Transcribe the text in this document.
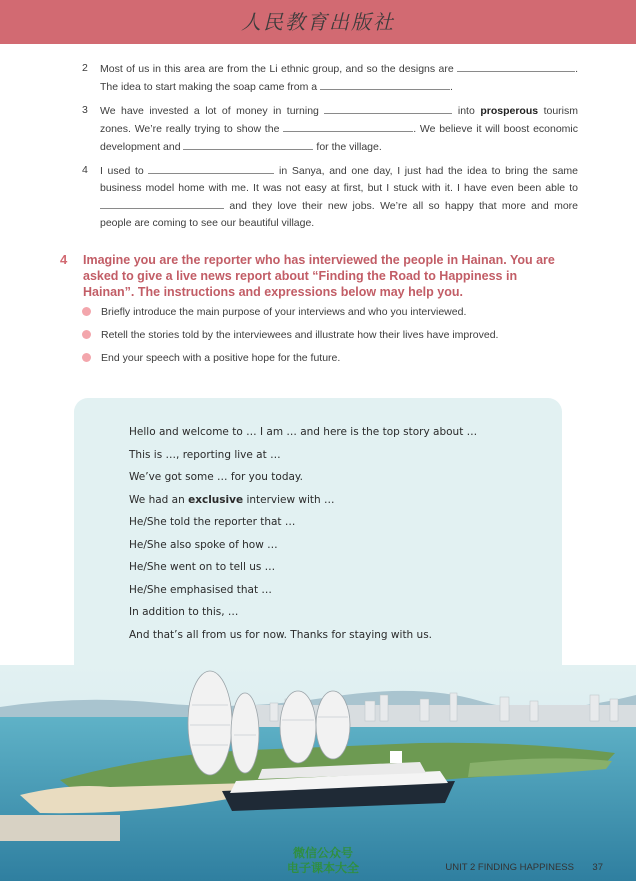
人民教育出版社
2 Most of us in this area are from the Li ethnic group, and so the designs are	. The idea to start making the soap came from a	.
3 We have invested a lot of money in turning	into prosperous tourism zones. We’re really trying to show the	. We believe it will boost economic development and	for the village.
4 I used to	in Sanya, and one day, I just had the idea to bring the same business model home with me. It was not easy at first, but I stuck with it. I have even been able to  and they love their new jobs. We’re all so happy that more and more people are coming to see our beautiful village.
4 Imagine you are the reporter who has interviewed the people in Hainan. You are asked to give a live news report about “Finding the Road to Happiness in Hainan”. The instructions and expressions below may help you.
Briefly introduce the main purpose of your interviews and who you interviewed.
Retell the stories told by the interviewees and illustrate how their lives have improved.
End your speech with a positive hope for the future.
Hello and welcome to … I am … and here is the top story about …
This is …, reporting live at …
We’ve got some … for you today.
We had an exclusive interview with …
He/She told the reporter that …
He/She also spoke of how …
He/She went on to tell us …
He/She emphasised that …
In addition to this, …
And that’s all from us for now. Thanks for staying with us.
微信公众号
电子课本大全	UNIT 2 FINDING HAPPINESS 37
